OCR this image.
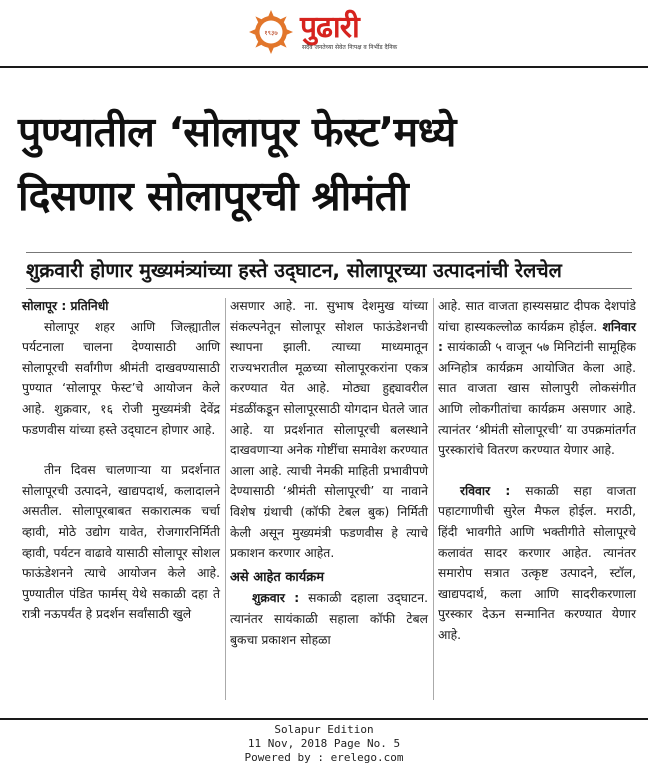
१९३७ पुढारी
सदैव जनतेच्या सेवेत निःपक्ष व निर्भीड दैनिक
पुण्यातील ‘सोलापूर फेस्ट’मध्ये
दिसणार सोलापूरची श्रीमंती
शुक्रवारी होणार मुख्यमंत्र्यांच्या हस्ते उद्‍घाटन, सोलापूरच्या उत्पादनांची रेलचेल

सोलापूर : प्रतिनिधी

सोलापूर शहर आणि जिल्ह्यातील पर्यटनाला चालना देण्यासाठी आणि सोलापूरची सर्वांगीण श्रीमंती दाखवण्यासाठी पुण्यात ‘सोलापूर फेस्ट’चे आयोजन केले आहे. शुक्रवार, १६ रोजी मुख्यमंत्री देवेंद्र फडणवीस यांच्या हस्ते उद्‍घाटन होणार आहे.

तीन दिवस चालणार्‍या या प्रदर्शनात सोलापूरची उत्पादने, खाद्यपदार्थ, कलादालने असतील. सोलापूरबाबत सकारात्मक चर्चा व्हावी, मोठे उद्योग यावेत, रोजगारनिर्मिती व्हावी, पर्यटन वाढावे यासाठी सोलापूर सोशल फाऊंडेशनने त्याचे आयोजन केले आहे. पुण्यातील पंडित फार्मस् येथे सकाळी दहा ते रात्री नऊपर्यंत हे प्रदर्शन सर्वांसाठी खुले

असणार आहे. ना. सुभाष देशमुख यांच्या संकल्पनेतून सोलापूर सोशल फाऊंडेशनची स्थापना झाली. त्याच्या माध्यमातून राज्यभरातील मूळच्या सोलापूरकरांना एकत्र करण्यात येत आहे. मोठ्या हुद्द्यावरील मंडळींकडून सोलापूरसाठी योगदान घेतले जात आहे. या प्रदर्शनात सोलापूरची बलस्थाने दाखवणार्‍या अनेक गोष्टींचा समावेश करण्यात आला आहे. त्याची नेमकी माहिती प्रभावीपणे देण्यासाठी ‘श्रीमंती सोलापूरची’ या नावाने विशेष ग्रंथाची (कॉफी टेबल बुक) निर्मिती केली असून मुख्यमंत्री फडणवीस हे त्याचे प्रकाशन करणार आहेत.

असे आहेत कार्यक्रम

शुक्रवार : सकाळी दहाला उद्‍घाटन. त्यानंतर सायंकाळी सहाला कॉफी टेबल बुकचा प्रकाशन सोहळा

आहे. सात वाजता हास्यसम्राट दीपक देशपांडे यांचा हास्यकल्लोळ कार्यक्रम होईल. शनिवार : सायंकाळी ५ वाजून ५७ मिनिटांनी सामूहिक अग्निहोत्र कार्यक्रम आयोजित केला आहे. सात वाजता खास सोलापुरी लोकसंगीत आणि लोकगीतांचा कार्यक्रम असणार आहे. त्यानंतर ‘श्रीमंती सोलापूरची’ या उपक्रमांतर्गत पुरस्कारांचे वितरण करण्यात येणार आहे.

रविवार : सकाळी सहा वाजता पहाटगाणीची सुरेल मैफल होईल. मराठी, हिंदी भावगीते आणि भक्तीगीते सोलापूरचे कलावंत सादर करणार आहेत. त्यानंतर समारोप सत्रात उत्कृष्ट उत्पादने, स्टॉल, खाद्यपदार्थ, कला आणि सादरीकरणाला पुरस्कार देऊन सन्मानित करण्यात येणार आहे.

Solapur Edition
11 Nov, 2018 Page No. 5
Powered by : erelego.com
